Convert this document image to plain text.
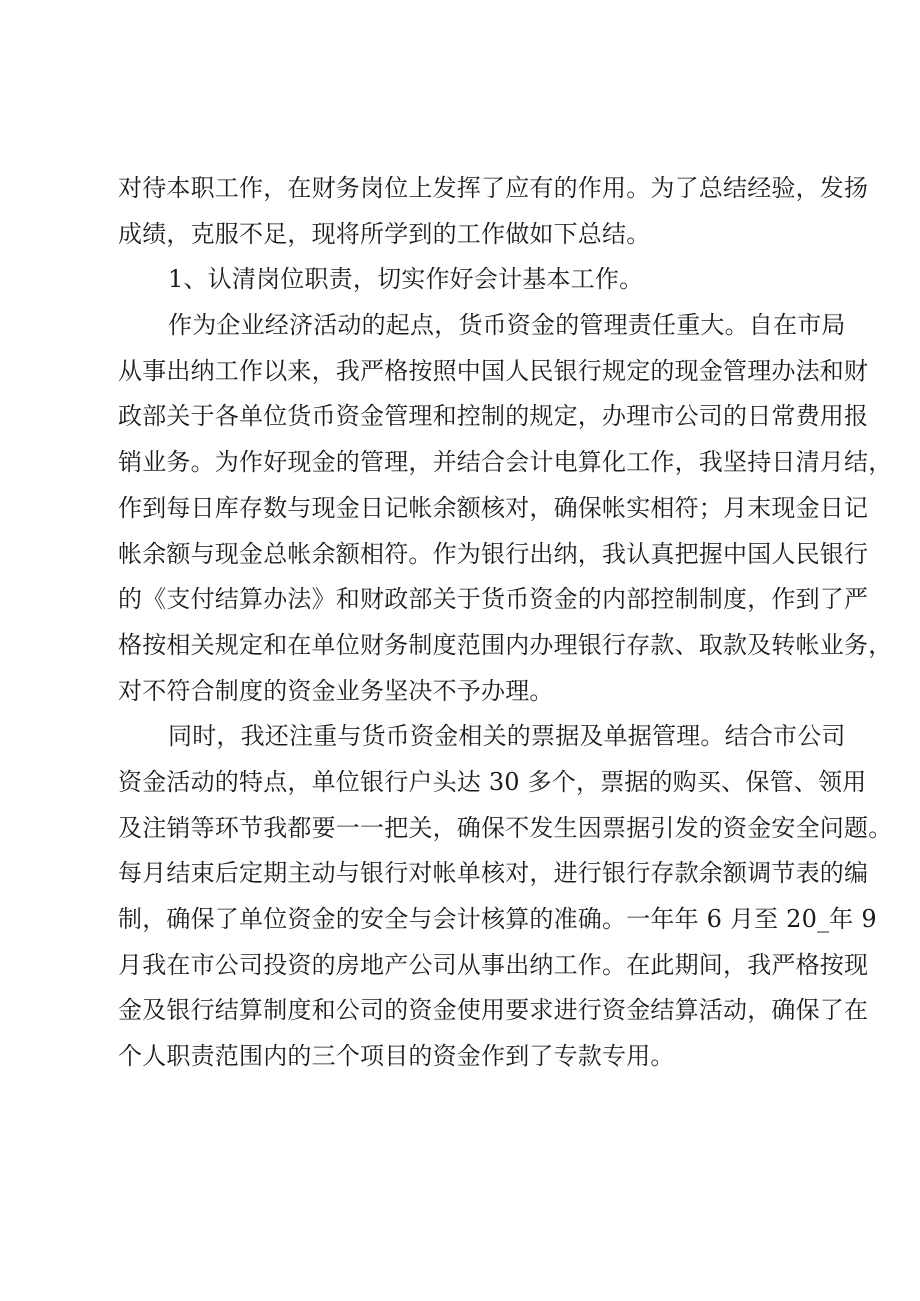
对待本职工作，在财务岗位上发挥了应有的作用。为了总结经验，发扬
成绩，克服不足，现将所学到的工作做如下总结。
1、认清岗位职责，切实作好会计基本工作。
作为企业经济活动的起点，货币资金的管理责任重大。自在市局
从事出纳工作以来，我严格按照中国人民银行规定的现金管理办法和财
政部关于各单位货币资金管理和控制的规定，办理市公司的日常费用报
销业务。为作好现金的管理，并结合会计电算化工作，我坚持日清月结，
作到每日库存数与现金日记帐余额核对，确保帐实相符；月末现金日记
帐余额与现金总帐余额相符。作为银行出纳，我认真把握中国人民银行
的《支付结算办法》和财政部关于货币资金的内部控制制度，作到了严
格按相关规定和在单位财务制度范围内办理银行存款、取款及转帐业务，
对不符合制度的资金业务坚决不予办理。
同时，我还注重与货币资金相关的票据及单据管理。结合市公司
资金活动的特点，单位银行户头达 30 多个，票据的购买、保管、领用
及注销等环节我都要一一把关，确保不发生因票据引发的资金安全问题。
每月结束后定期主动与银行对帐单核对，进行银行存款余额调节表的编
制，确保了单位资金的安全与会计核算的准确。一年年 6 月至 20_年 9
月我在市公司投资的房地产公司从事出纳工作。在此期间，我严格按现
金及银行结算制度和公司的资金使用要求进行资金结算活动，确保了在
个人职责范围内的三个项目的资金作到了专款专用。
